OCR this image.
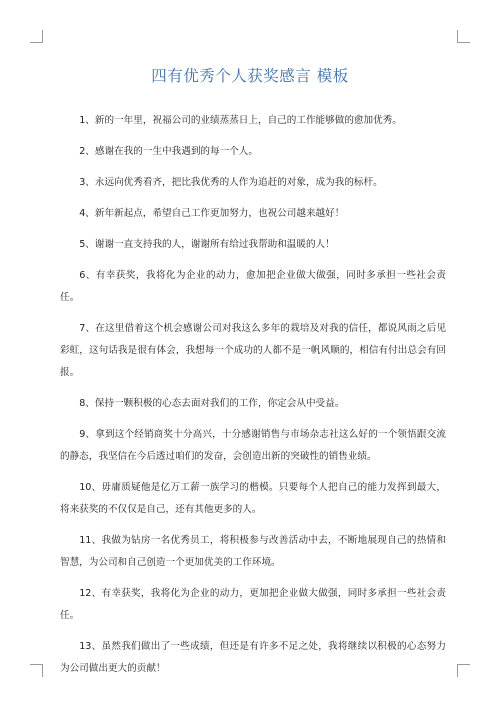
四有优秀个人获奖感言 模板

1、新的一年里，祝福公司的业绩蒸蒸日上，自己的工作能够做的愈加优秀。

2、感谢在我的一生中我遇到的每一个人。

3、永远向优秀看齐，把比我优秀的人作为追赶的对象，成为我的标杆。

4、新年新起点，希望自己工作更加努力，也祝公司越来越好！

5、谢谢一直支持我的人，谢谢所有给过我帮助和温暖的人！

6、有幸获奖，我将化为企业的动力，愈加把企业做大做强，同时多承担一些社会责任。

7、在这里借着这个机会感谢公司对我这么多年的栽培及对我的信任，都说风雨之后见彩虹，这句话我是很有体会，我想每一个成功的人都不是一帆风顺的，相信有付出总会有回报。

8、保持一颗积极的心态去面对我们的工作，你定会从中受益。

9、拿到这个经销商奖十分高兴，十分感谢销售与市场杂志社这么好的一个领悟跟交流的静态，我坚信在今后透过咱们的发奋，会创造出新的突破性的销售业绩。

10、毋庸质疑他是亿万工薪一族学习的楷模。只要每个人把自己的能力发挥到最大，将来获奖的不仅仅是自己，还有其他更多的人。

11、我做为钻房一名优秀员工，将积极参与改善活动中去，不断地展现自己的热情和智慧，为公司和自己创造一个更加优美的工作环境。

12、有幸获奖，我将化为企业的动力，更加把企业做大做强，同时多承担一些社会责任。

13、虽然我们做出了一些成绩，但还是有许多不足之处，我将继续以积极的心态努力为公司做出更大的贡献！
